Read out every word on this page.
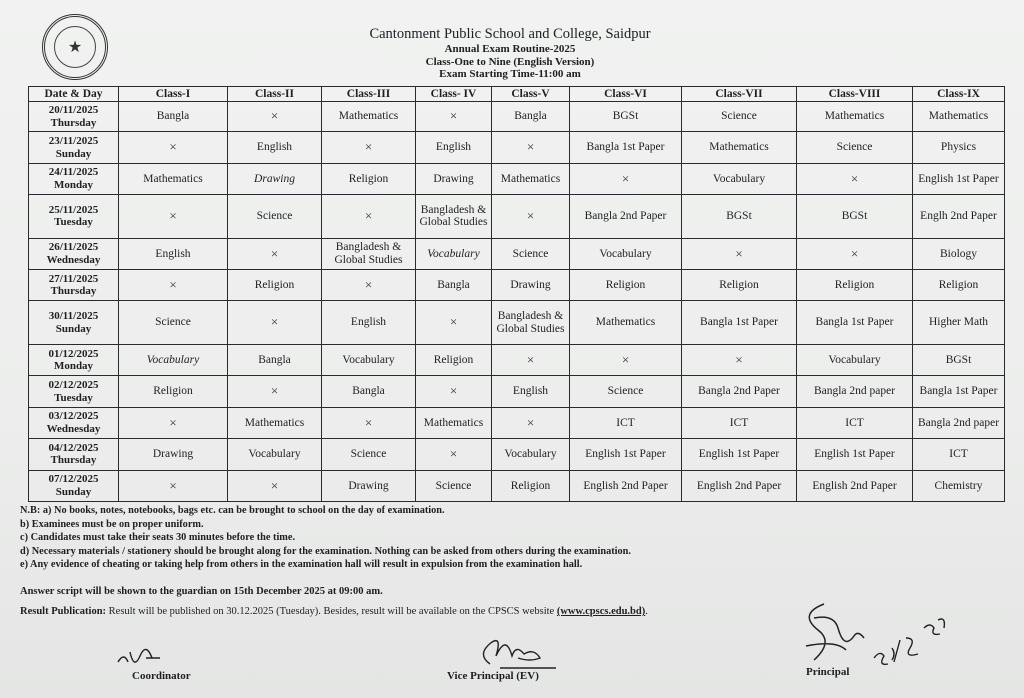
★
Cantonment Public School and College, Saidpur
Annual Exam Routine-2025
Class-One to Nine (English Version)
Exam Starting Time-11:00 am
Date & Day	Class-I	Class-II	Class-III	Class- IV	Class-V	Class-VI	Class-VII	Class-VIII	Class-IX

20/11/2025
Thursday	Bangla	×	Mathematics	×	Bangla	BGSt	Science	Mathematics	Mathematics

23/11/2025
Sunday	×	English	×	English	×	Bangla 1st Paper	Mathematics	Science	Physics

24/11/2025
Monday	Mathematics	Drawing	Religion	Drawing	Mathematics	×	Vocabulary	×	English 1st Paper

25/11/2025
Tuesday	×	Science	×	Bangladesh & Global Studies	×	Bangla 2nd Paper	BGSt	BGSt	Engl​h 2nd Paper

26/11/2025
Wednesday	English	×	Bangladesh & Global Studies	Vocabulary	Science	Vocabulary	×	×	Biology

27/11/2025
Thursday	×	Religion	×	Bangla	Drawing	Religion	Religion	Religion	Religion

30/11/2025
Sunday	Science	×	English	×	Bangladesh & Global Studies	Mathematics	Bangla 1st Paper	Bangla 1st Paper	Higher Math

01/12/2025
Monday	Vocabulary	Bangla	Vocabulary	Religion	×	×	×	Vocabulary	BGSt

02/12/2025
Tuesday	Religion	×	Bangla	×	English	Science	Bangla 2nd Paper	Bangla 2nd paper	Bangla 1st Paper

03/12/2025
Wednesday	×	Mathematics	×	Mathematics	×	ICT	ICT	ICT	Bangla 2nd paper

04/12/2025
Thursday	Drawing	Vocabulary	Science	×	Vocabulary	English 1st Paper	English 1st Paper	English 1st Paper	ICT

07/12/2025
Sunday	×	×	Drawing	Science	Religion	English 2nd Paper	English 2nd Paper	English 2nd Paper	Chemistry
N.B: a) No books, notes, notebooks, bags etc. can be brought to school on the day of examination.
b) Examinees must be on proper uniform.
c) Candidates must take their seats 30 minutes before the time.
d) Necessary materials / stationery should be brought along for the examination. Nothing can be asked from others during the examination.
e) Any evidence of cheating or taking help from others in the examination hall will result in expulsion from the examination hall.
Answer script will be shown to the guardian on 15th December 2025 at 09:00 am.
Result Publication: Result will be published on 30.12.2025 (Tuesday). Besides, result will be available on the CPSCS website (www.cpscs.edu.bd).
Coordinator	Vice Principal (EV)	Principal
